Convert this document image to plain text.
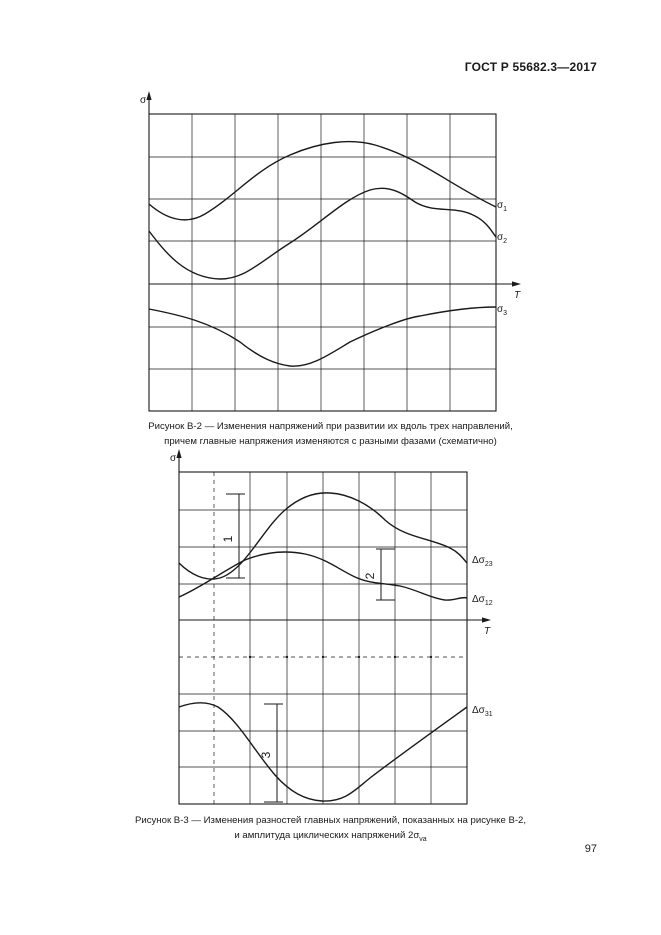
ГОСТ Р 55682.3—2017
σ
T
$\sigma_1$
$\sigma_2$
$\sigma_3$
Рисунок В-2 — Изменения напряжений при развитии их вдоль трех направлений,
причем главные напряжения изменяются с разными фазами (схематично)
σ
T
$\Delta\sigma_{23}$
$\Delta\sigma_{12}$
$\Delta\sigma_{31}$
1
2
3
Рисунок В-3 — Изменения разностей главных напряжений, показанных на рисунке В-2,
и амплитуда циклических напряжений $2\sigma_{va}$
97
